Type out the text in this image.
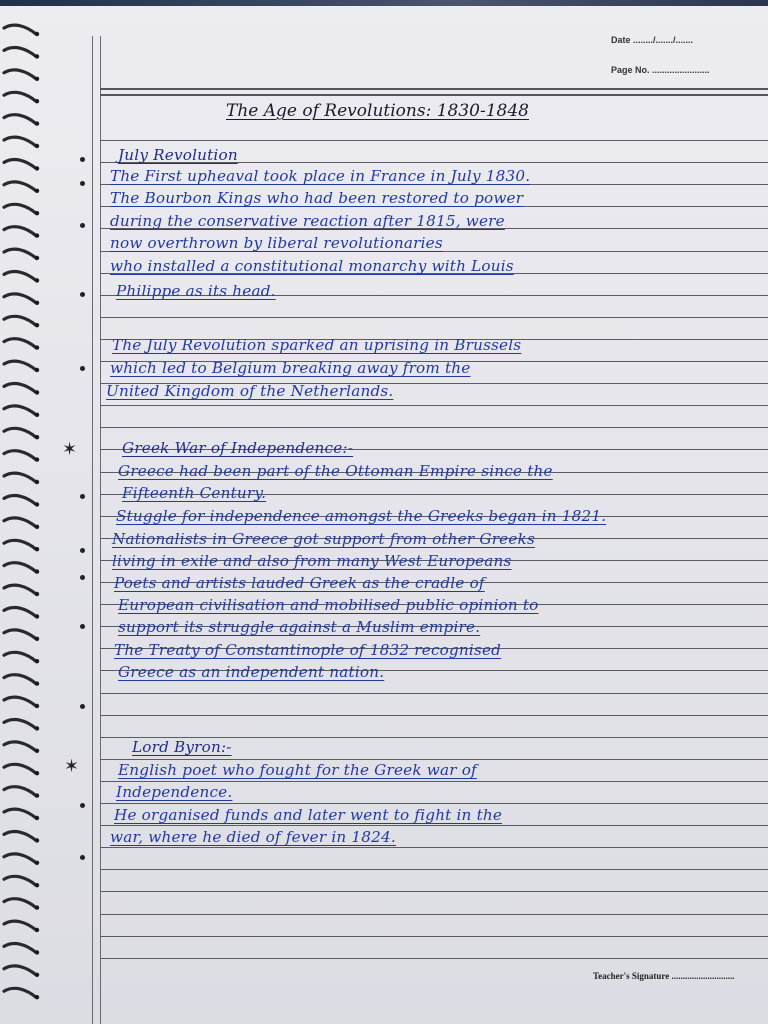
Date ......../......./.......
Page No. .......................
The Age of Revolutions: 1830-1848
July Revolution
The First upheaval took place in France in July 1830.
The Bourbon Kings who had been restored to power
during the conservative reaction after 1815, were
now overthrown by liberal revolutionaries
who installed a constitutional monarchy with Louis
Philippe as its head.
The July Revolution sparked an uprising in Brussels
which led to Belgium breaking away from the
United Kingdom of the Netherlands.
Greek War of Independence:-
Greece had been part of the Ottoman Empire since the
Fifteenth Century.
Stuggle for independence amongst the Greeks began in 1821.
Nationalists in Greece got support from other Greeks
living in exile and also from many West Europeans
Poets and artists lauded Greek as the cradle of
European civilisation and mobilised public opinion to
support its struggle against a Muslim empire.
The Treaty of Constantinople of 1832 recognised
Greece as an independent nation.
Lord Byron:-
English poet who fought for the Greek war of
Independence.
He organised funds and later went to fight in the
war, where he died of fever in 1824.
✶
✶
Teacher's Signature ............................
